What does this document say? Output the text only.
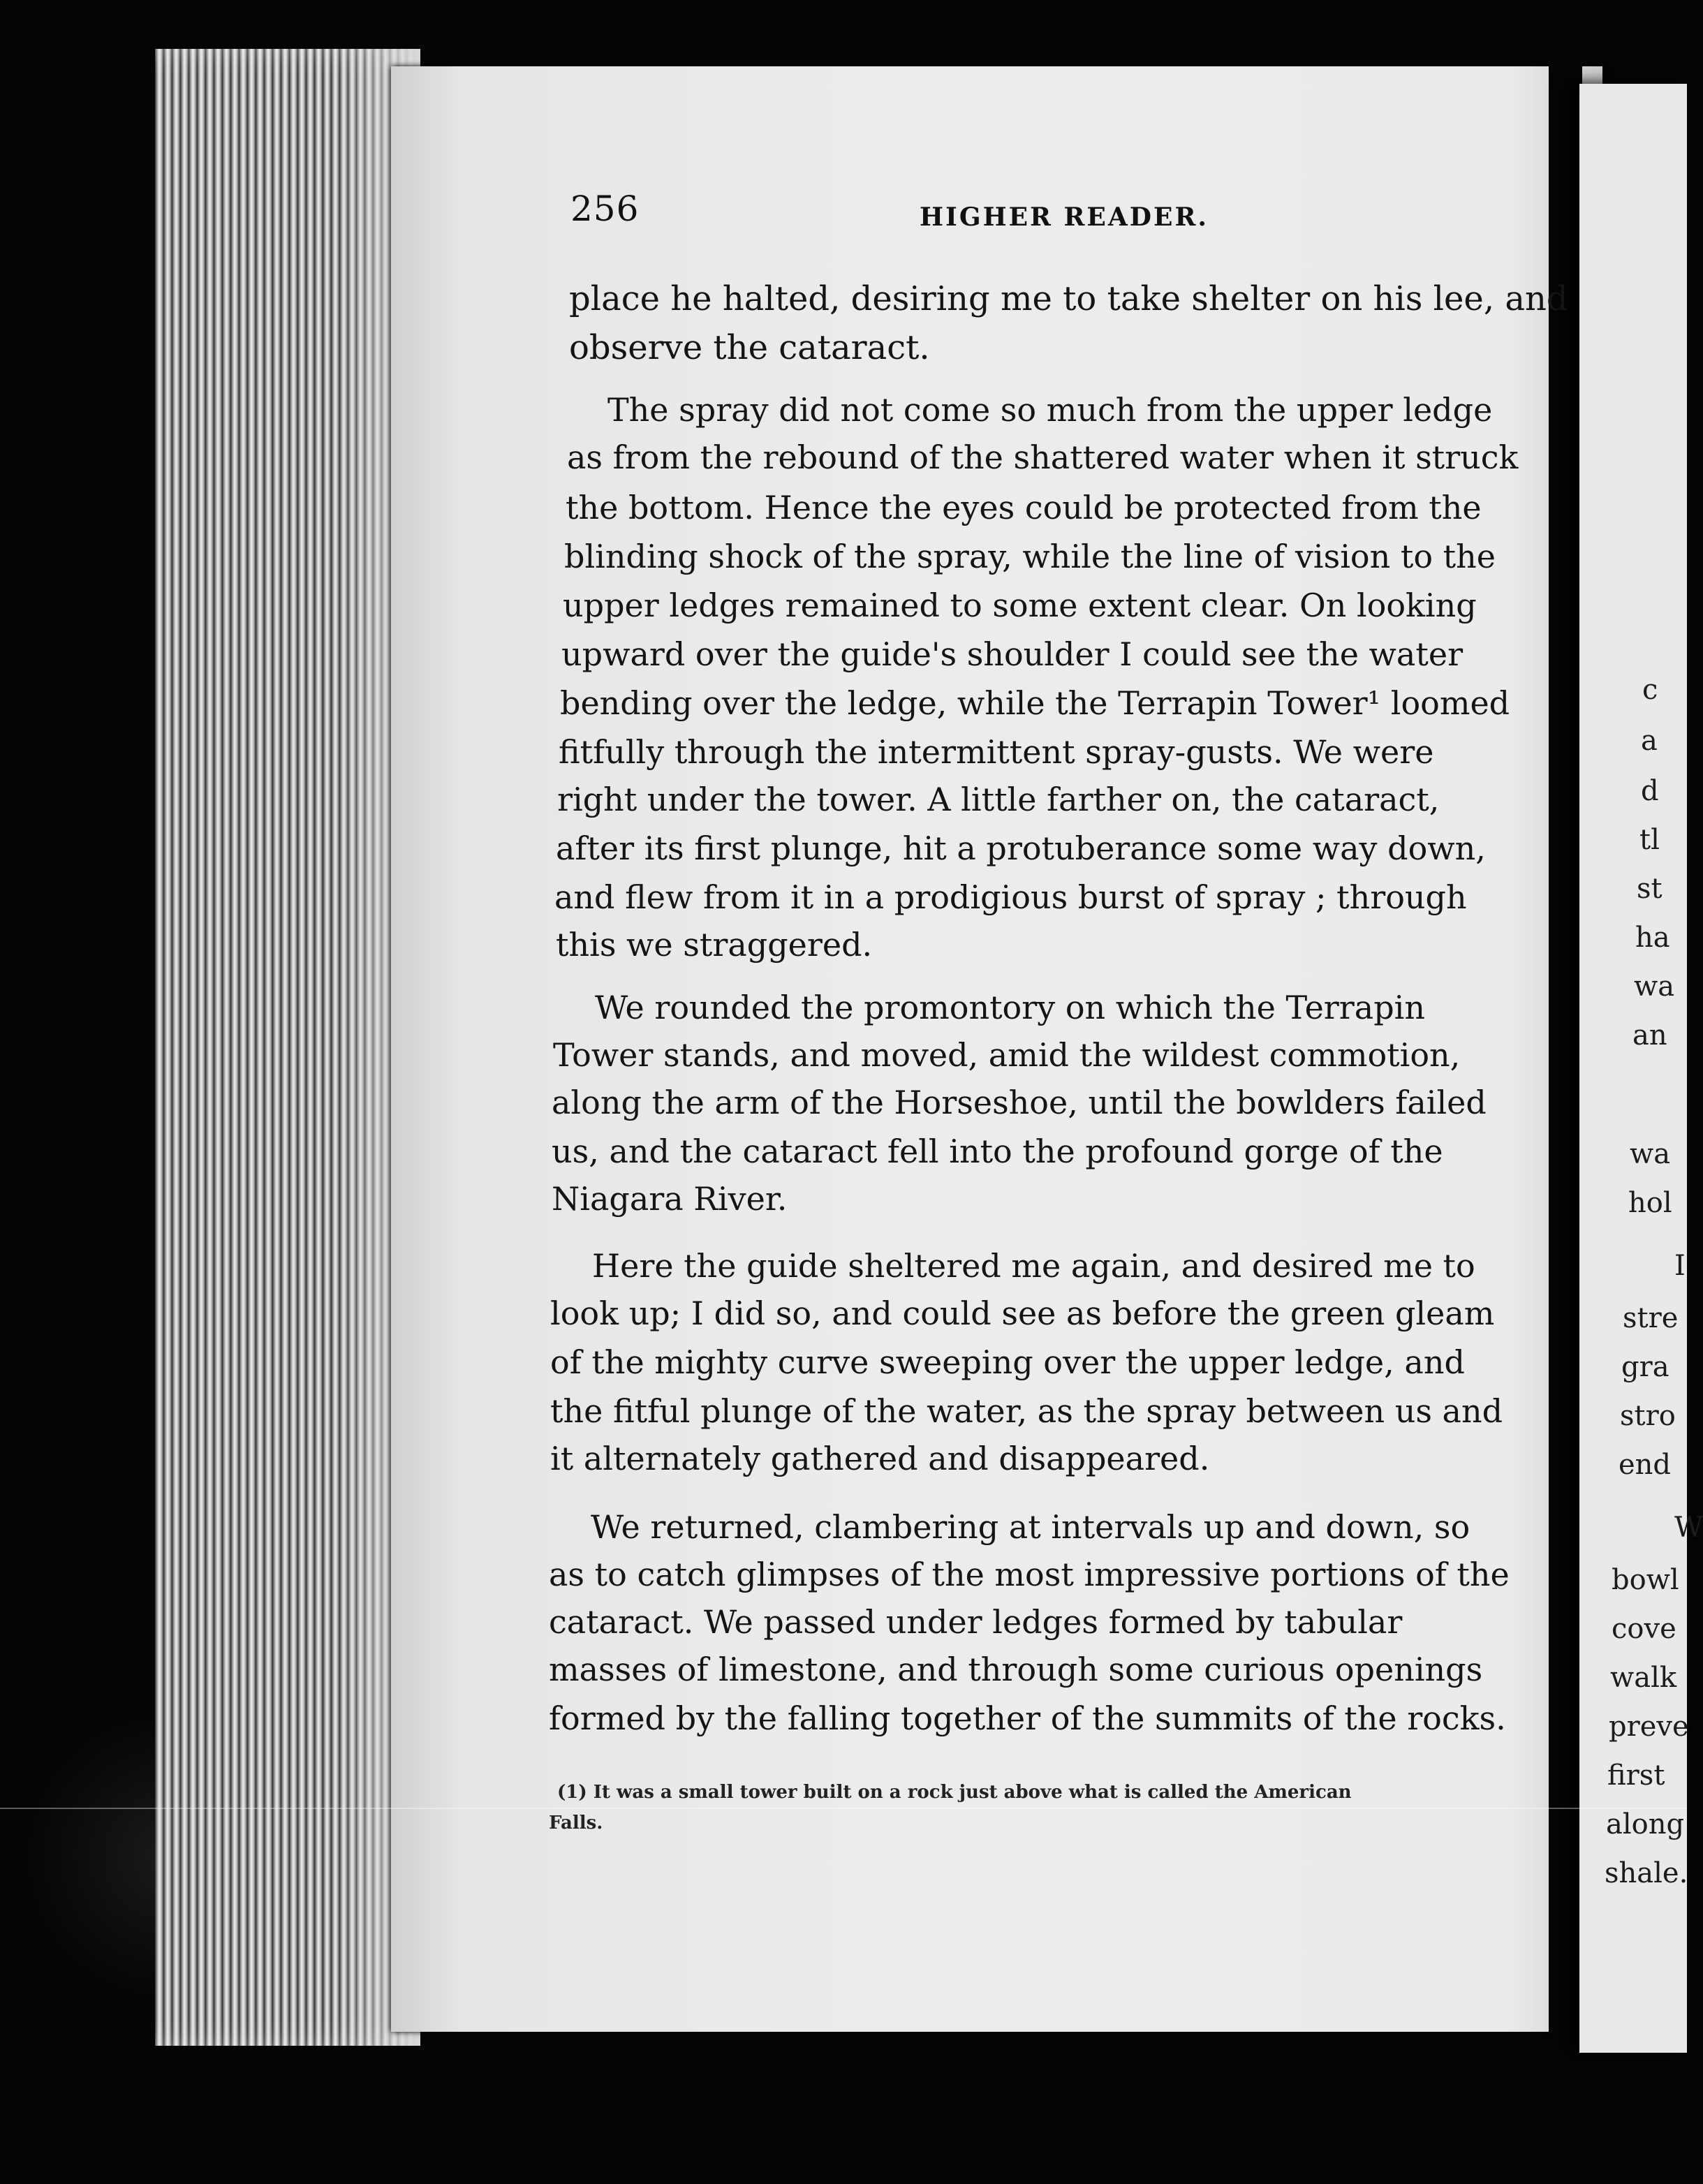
c
a
d
tl
st
ha
wa
an
wa
hol
I
stre
gra
stro
end
W
bowl
cove
walk
preve
first
along
shale.
256	HIGHER READER.
place he halted, desiring me to take shelter on his lee, and
observe the cataract.
The spray did not come so much from the upper ledge
as from the rebound of the shattered water when it struck
the bottom. Hence the eyes could be protected from the
blinding shock of the spray, while the line of vision to the
upper ledges remained to some extent clear. On looking
upward over the guide's shoulder I could see the water
bending over the ledge, while the Terrapin Tower¹ loomed
fitfully through the intermittent spray-gusts. We were
right under the tower. A little farther on, the cataract,
after its first plunge, hit a protuberance some way down,
and flew from it in a prodigious burst of spray ; through
this we straggered.
We rounded the promontory on which the Terrapin
Tower stands, and moved, amid the wildest commotion,
along the arm of the Horseshoe, until the bowlders failed
us, and the cataract fell into the profound gorge of the
Niagara River.
Here the guide sheltered me again, and desired me to
look up; I did so, and could see as before the green gleam
of the mighty curve sweeping over the upper ledge, and
the fitful plunge of the water, as the spray between us and
it alternately gathered and disappeared.
We returned, clambering at intervals up and down, so
as to catch glimpses of the most impressive portions of the
cataract. We passed under ledges formed by tabular
masses of limestone, and through some curious openings
formed by the falling together of the summits of the rocks.
(1) It was a small tower built on a rock just above what is called the American
Falls.
